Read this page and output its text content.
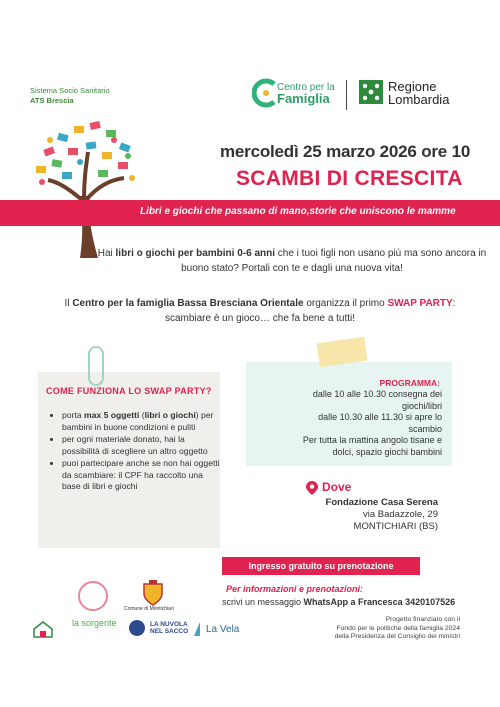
Sistema Socio Sanitario
ATS Brescia
Centro per la
Famiglia
Regione
Lombardia
mercoledì 25 marzo 2026 ore 10
SCAMBI DI CRESCITA
Libri e giochi che passano di mano,storie che uniscono le mamme
Hai libri o giochi per bambini 0-6 anni che i tuoi figli non usano più ma sono ancora in buono stato? Portali con te e dagli una nuova vita!
Il Centro per la famiglia Bassa Bresciana Orientale organizza il primo SWAP PARTY: scambiare è un gioco… che fa bene a tutti!
COME FUNZIONA LO SWAP PARTY?
• porta max 5 oggetti (libri o giochi) per bambini in buone condizioni e puliti
• per ogni materiale donato, hai la possibilità di scegliere un altro oggetto
• puoi partecipare anche se non hai oggetti da scambiare: il CPF ha raccolto una base di libri e giochi
PROGRAMMA:
dalle 10 alle 10.30 consegna dei
giochi/libri
dalle 10.30 alle 11.30 si apre lo
scambio
Per tutta la mattina angolo tisane e
dolci, spazio giochi bambini
Dove
Fondazione Casa Serena
via Badazzole, 29
MONTICHIARI (BS)
Ingresso gratuito su prenotazione
Per informazioni e prenotazioni:
scrivi un messaggio WhatsApp a Francesca 3420107526
Comune di Montichiari
Progetto finanziato con il
Fondo per le politiche della famiglia 2024
della Presidenza del Consiglio dei ministri
la sorgente	LA NUVOLA NEL SACCO La Vela
